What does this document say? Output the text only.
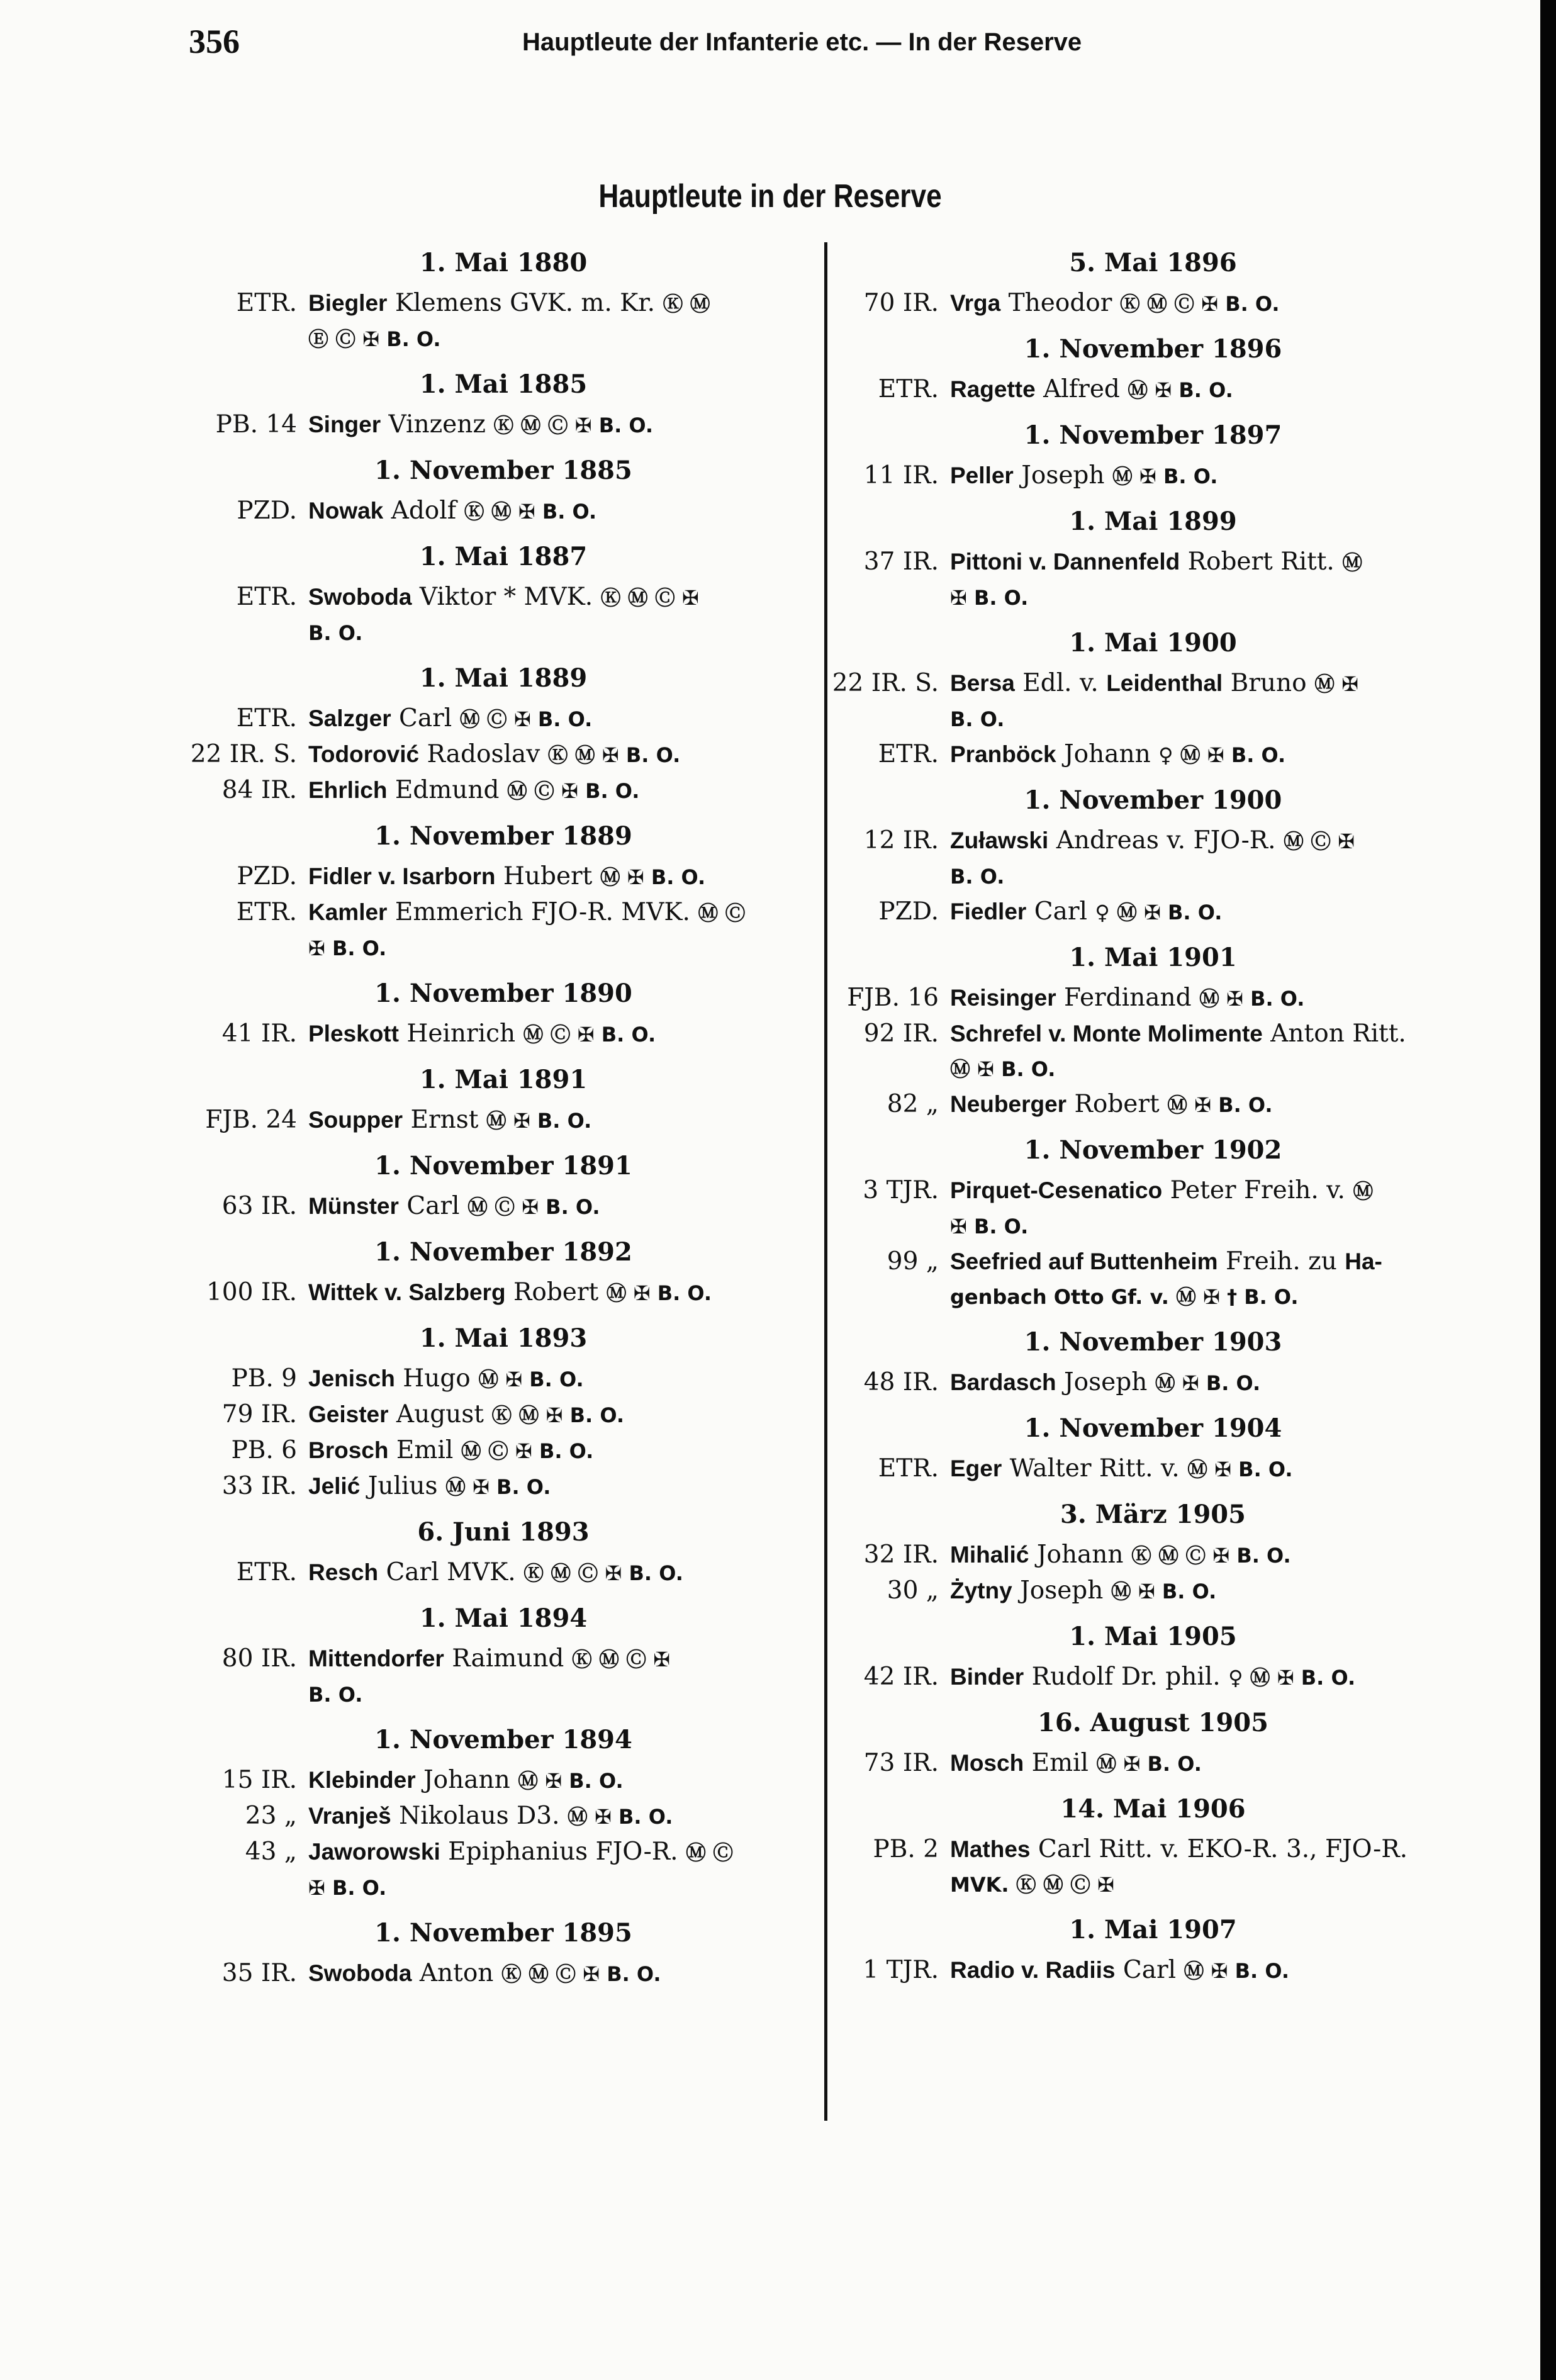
356	Hauptleute der Infanterie etc. — In der Reserve
Hauptleute in der Reserve
1. Mai 1880
ETR. Biegler Klemens GVK. m. Kr. Ⓚ Ⓜ
Ⓔ Ⓒ ✠ B. O.
1. Mai 1885
PB. 14 Singer Vinzenz Ⓚ Ⓜ Ⓒ ✠ B. O.
1. November 1885
PZD. Nowak Adolf Ⓚ Ⓜ ✠ B. O.
1. Mai 1887
ETR. Swoboda Viktor * MVK. Ⓚ Ⓜ Ⓒ ✠
B. O.
1. Mai 1889
ETR. Salzger Carl Ⓜ Ⓒ ✠ B. O.
22 IR. S. Todorović Radoslav Ⓚ Ⓜ ✠ B. O.
84 IR. Ehrlich Edmund Ⓜ Ⓒ ✠ B. O.
1. November 1889
PZD. Fidler v. Isarborn Hubert Ⓜ ✠ B. O.
ETR. Kamler Emmerich FJO-R. MVK. Ⓜ Ⓒ
✠ B. O.
1. November 1890
41 IR. Pleskott Heinrich Ⓜ Ⓒ ✠ B. O.
1. Mai 1891
FJB. 24 Soupper Ernst Ⓜ ✠ B. O.
1. November 1891
63 IR. Münster Carl Ⓜ Ⓒ ✠ B. O.
1. November 1892
100 IR. Wittek v. Salzberg Robert Ⓜ ✠ B. O.
1. Mai 1893
PB. 9 Jenisch Hugo Ⓜ ✠ B. O.
79 IR. Geister August Ⓚ Ⓜ ✠ B. O.
PB. 6 Brosch Emil Ⓜ Ⓒ ✠ B. O.
33 IR. Jelić Julius Ⓜ ✠ B. O.
6. Juni 1893
ETR. Resch Carl MVK. Ⓚ Ⓜ Ⓒ ✠ B. O.
1. Mai 1894
80 IR. Mittendorfer Raimund Ⓚ Ⓜ Ⓒ ✠
B. O.
1. November 1894
15 IR. Klebinder Johann Ⓜ ✠ B. O.
23 „ Vranješ Nikolaus D3. Ⓜ ✠ B. O.
43 „ Jaworowski Epiphanius FJO-R. Ⓜ Ⓒ
✠ B. O.
1. November 1895
35 IR. Swoboda Anton Ⓚ Ⓜ Ⓒ ✠ B. O.
5. Mai 1896
70 IR. Vrga Theodor Ⓚ Ⓜ Ⓒ ✠ B. O.
1. November 1896
ETR. Ragette Alfred Ⓜ ✠ B. O.
1. November 1897
11 IR. Peller Joseph Ⓜ ✠ B. O.
1. Mai 1899
37 IR. Pittoni v. Dannenfeld Robert Ritt. Ⓜ
✠ B. O.
1. Mai 1900
22 IR. S. Bersa Edl. v. Leidenthal Bruno Ⓜ ✠
B. O.
ETR. Pranböck Johann ♀ Ⓜ ✠ B. O.
1. November 1900
12 IR. Zuławski Andreas v. FJO-R. Ⓜ Ⓒ ✠
B. O.
PZD. Fiedler Carl ♀ Ⓜ ✠ B. O.
1. Mai 1901
FJB. 16 Reisinger Ferdinand Ⓜ ✠ B. O.
92 IR. Schrefel v. Monte Molimente Anton Ritt.
Ⓜ ✠ B. O.
82 „ Neuberger Robert Ⓜ ✠ B. O.
1. November 1902
3 TJR. Pirquet-Cesenatico Peter Freih. v. Ⓜ
✠ B. O.
99 „ Seefried auf Buttenheim Freih. zu Ha-
genbach Otto Gf. v. Ⓜ ✠ † B. O.
1. November 1903
48 IR. Bardasch Joseph Ⓜ ✠ B. O.
1. November 1904
ETR. Eger Walter Ritt. v. Ⓜ ✠ B. O.
3. März 1905
32 IR. Mihalić Johann Ⓚ Ⓜ Ⓒ ✠ B. O.
30 „ Żytny Joseph Ⓜ ✠ B. O.
1. Mai 1905
42 IR. Binder Rudolf Dr. phil. ♀ Ⓜ ✠ B. O.
16. August 1905
73 IR. Mosch Emil Ⓜ ✠ B. O.
14. Mai 1906
PB. 2 Mathes Carl Ritt. v. EKO-R. 3., FJO-R.
MVK. Ⓚ Ⓜ Ⓒ ✠
1. Mai 1907
1 TJR. Radio v. Radiis Carl Ⓜ ✠ B. O.
